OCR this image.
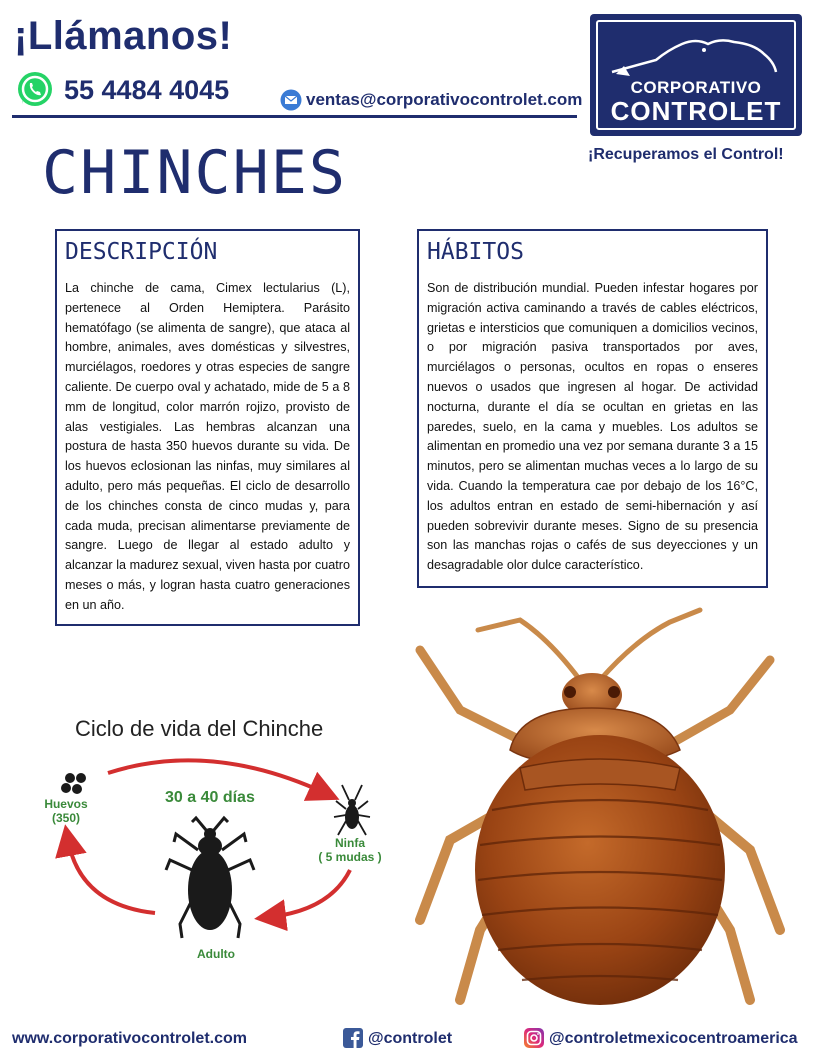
¡Llámanos!
55 4484 4045	ventas@corporativocontrolet.com
CORPORATIVO
CONTROLET
¡Recuperamos el Control!
CHINCHES
DESCRIPCIÓN
La chinche de cama, Cimex lectularius (L), pertenece al Orden Hemiptera. Parásito hematófago (se alimenta de sangre), que ataca al hombre, animales, aves domésticas y silvestres, murciélagos, roedores y otras especies de sangre caliente. De cuerpo oval y achatado, mide de 5 a 8 mm de longitud, color marrón rojizo, provisto de alas vestigiales. Las hembras alcanzan una postura de hasta 350 huevos durante su vida. De los huevos eclosionan las ninfas, muy similares al adulto, pero más pequeñas. El ciclo de desarrollo de los chinches consta de cinco mudas y, para cada muda, precisan alimentarse previamente de sangre. Luego de llegar al estado adulto y alcanzar la madurez sexual, viven hasta por cuatro meses o más, y logran hasta cuatro generaciones en un año.
HÁBITOS
Son de distribución mundial. Pueden infestar hogares por migración activa caminando a través de cables eléctricos, grietas e intersticios que comuniquen a domicilios vecinos, o por migración pasiva transportados por aves, murciélagos o personas, ocultos en ropas o enseres nuevos o usados que ingresen al hogar. De actividad nocturna, durante el día se ocultan en grietas en las paredes, suelo, en la cama y muebles. Los adultos se alimentan en promedio una vez por semana durante 3 a 15 minutos, pero se alimentan muchas veces a lo largo de su vida. Cuando la temperatura cae por debajo de los 16°C, los adultos entran en estado de semi-hibernación y así pueden sobrevivir durante meses. Signo de su presencia son las manchas rojas o cafés de sus deyecciones y un desagradable olor dulce característico.
Ciclo de vida del Chinche
30 a 40 días
Huevos
(350)
Ninfa
( 5 mudas )
Adulto
www.corporativocontrolet.com	@controlet	@controletmexicocentroamerica
